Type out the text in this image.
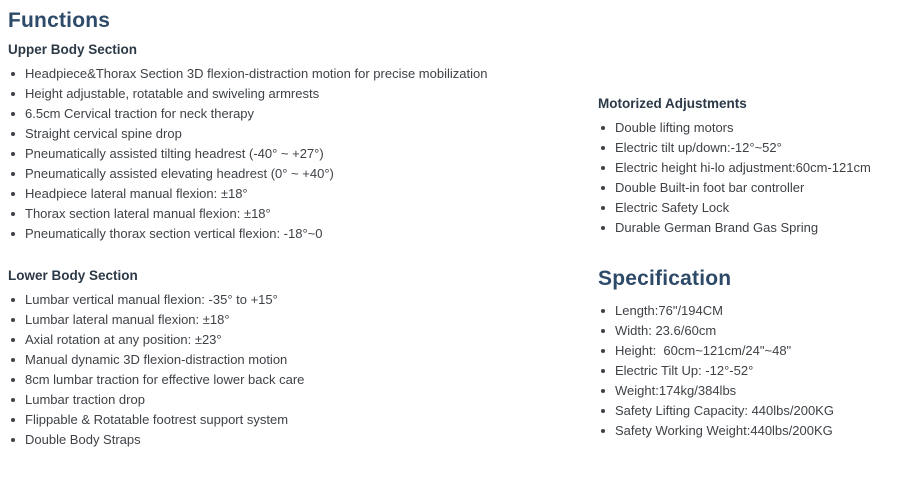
Functions
Upper Body Section
Headpiece&Thorax Section 3D flexion-distraction motion for precise mobilization
Height adjustable, rotatable and swiveling armrests
6.5cm Cervical traction for neck therapy
Straight cervical spine drop
Pneumatically assisted tilting headrest (-40° ~ +27°)
Pneumatically assisted elevating headrest (0° ~ +40°)
Headpiece lateral manual flexion: ±18°
Thorax section lateral manual flexion: ±18°
Pneumatically thorax section vertical flexion: -18°~0
Lower Body Section
Lumbar vertical manual flexion: -35° to +15°
Lumbar lateral manual flexion: ±18°
Axial rotation at any position: ±23°
Manual dynamic 3D flexion-distraction motion
8cm lumbar traction for effective lower back care
Lumbar traction drop
Flippable & Rotatable footrest support system
Double Body Straps
Motorized Adjustments
Double lifting motors
Electric tilt up/down:-12°~52°
Electric height hi-lo adjustment:60cm-121cm
Double Built-in foot bar controller
Electric Safety Lock
Durable German Brand Gas Spring
Specification
Length:76"/194CM
Width: 23.6/60cm
Height:  60cm~121cm/24"~48"
Electric Tilt Up: -12°-52°
Weight:174kg/384lbs
Safety Lifting Capacity: 440lbs/200KG
Safety Working Weight:440lbs/200KG
